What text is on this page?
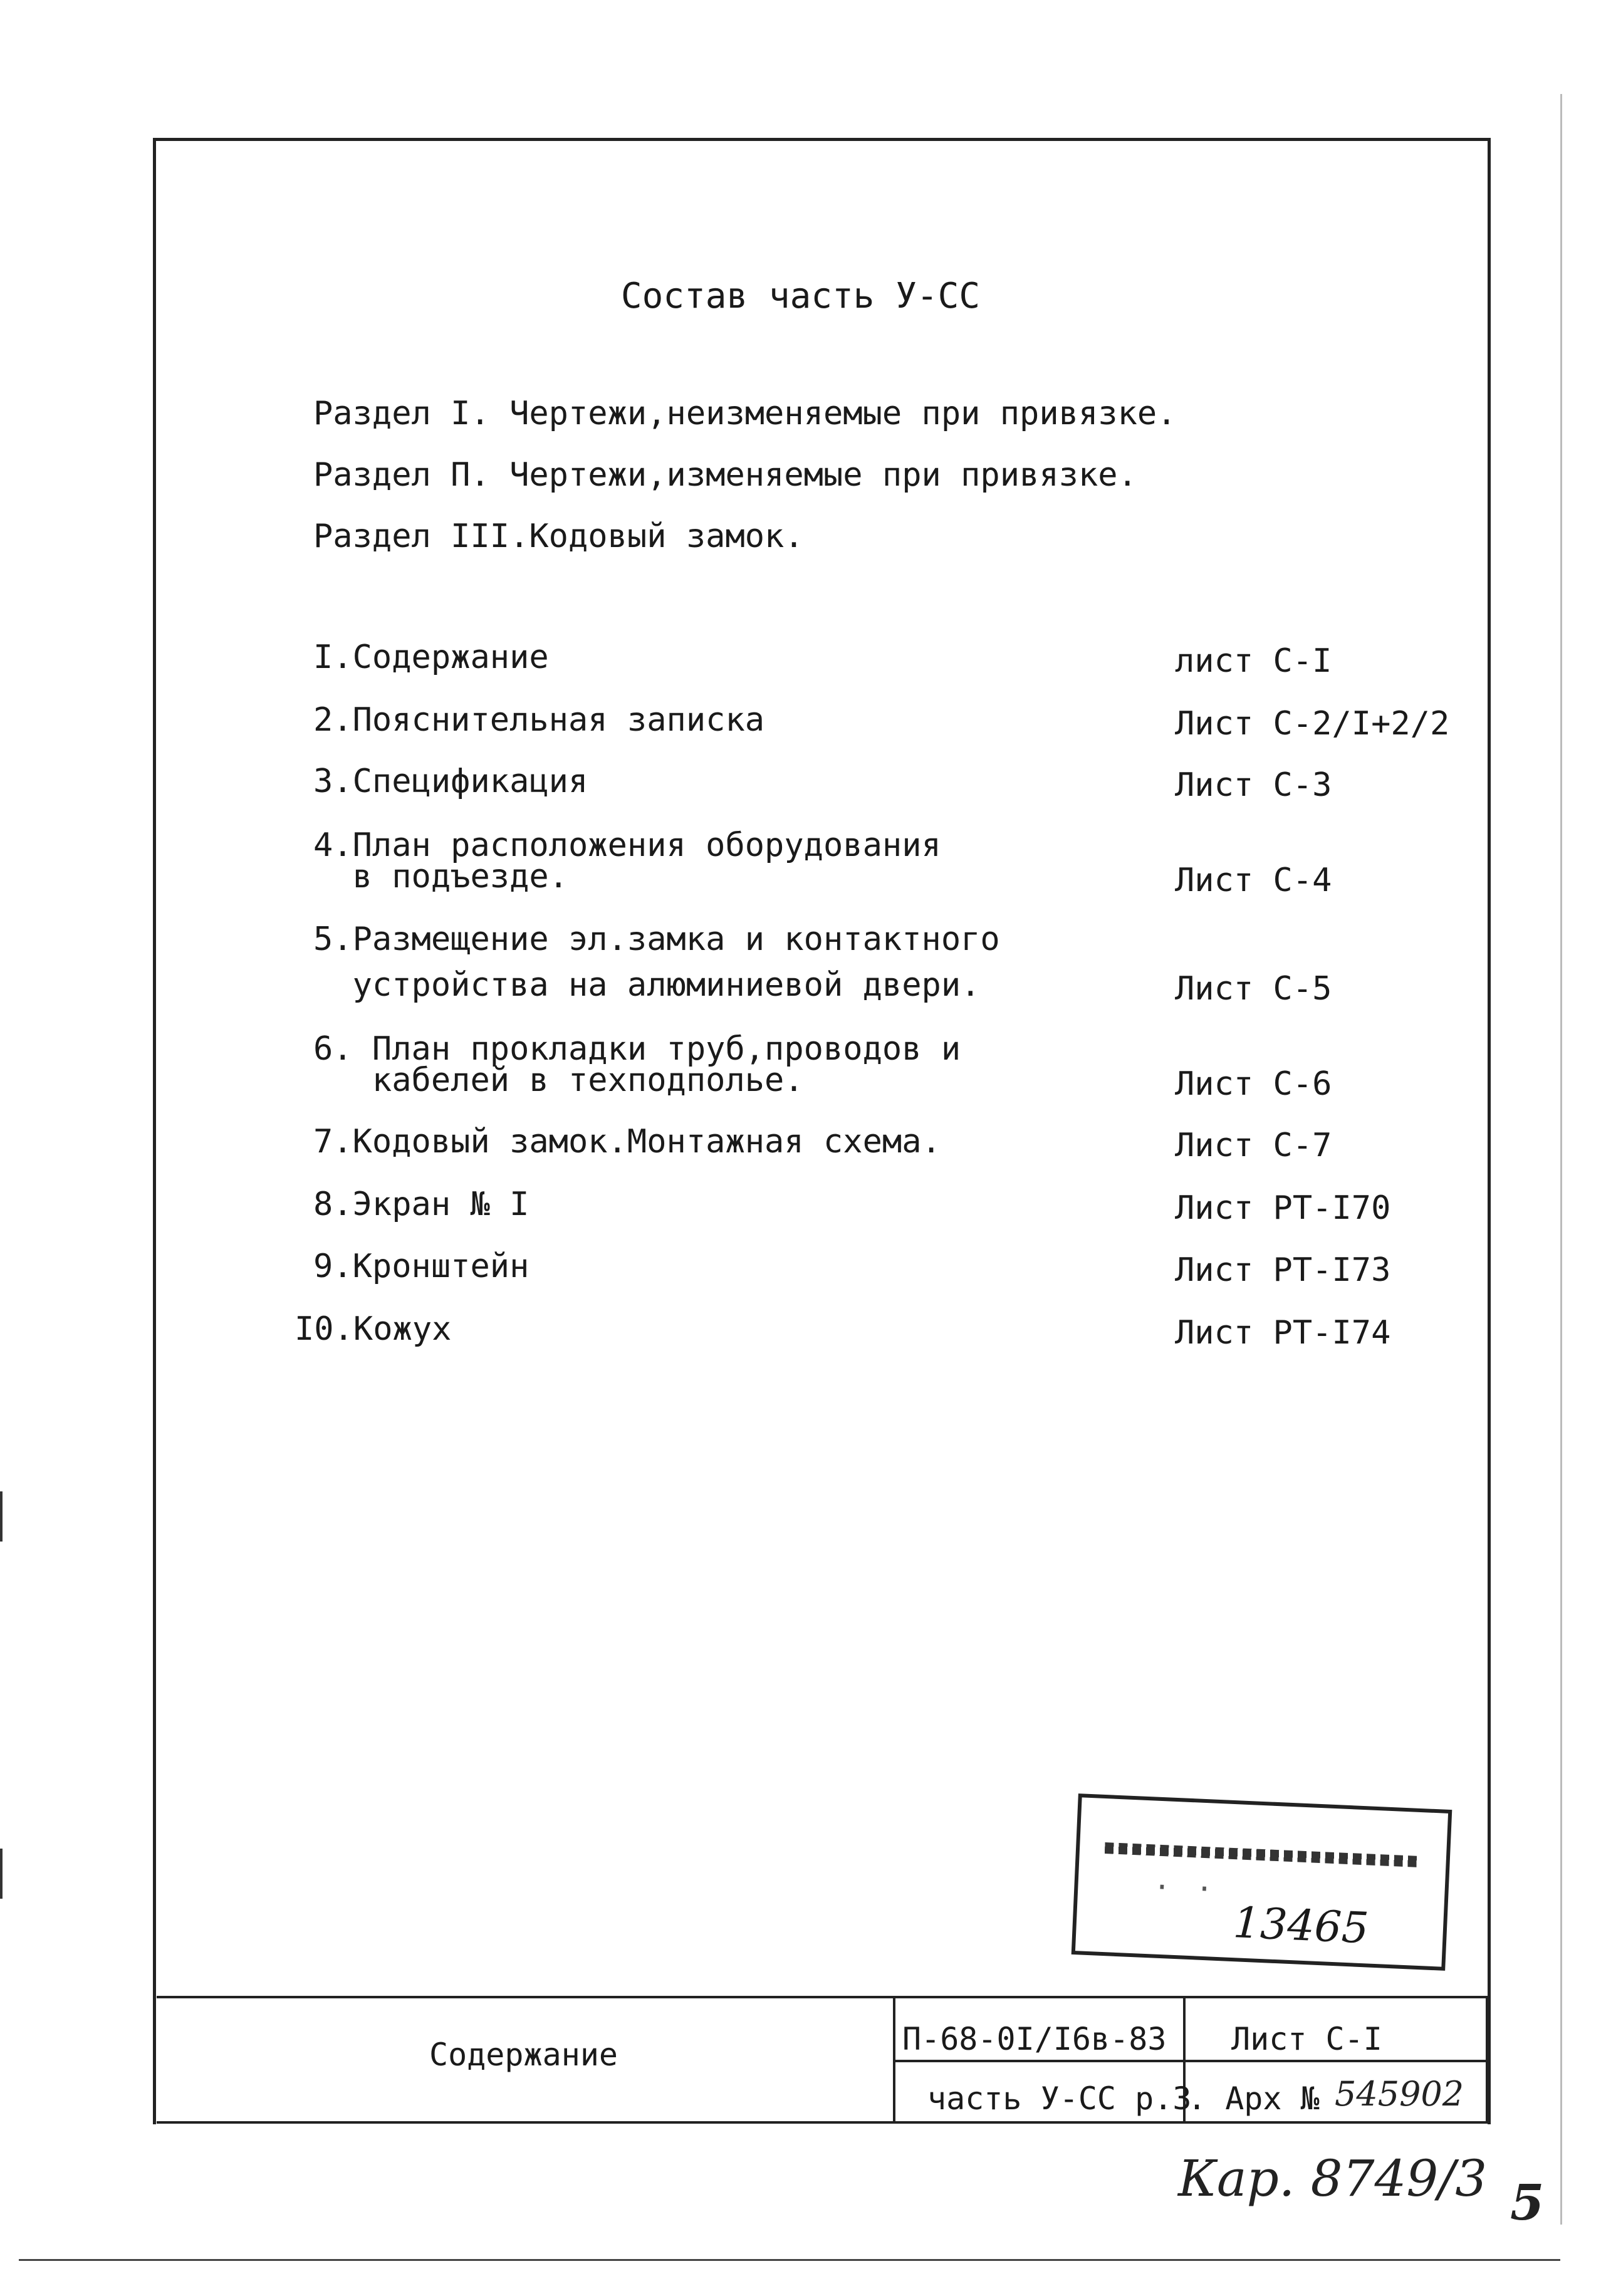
Состав часть У-СС
Раздел I. Чертежи,неизменяемые при привязке.
Раздел П. Чертежи,изменяемые при привязке.
Раздел III.Кодовый замок.
I.Содержание	лист С-I
2.Пояснительная записка	Лист С-2/I+2/2
3.Спецификация	Лист С-3
4.План расположения оборудования
в подъезде.	Лист С-4
5.Размещение эл.замка и контактного
устройства на алюминиевой двери.	Лист С-5
6. План прокладки труб,проводов и
кабелей в техподполье.	Лист С-6
7.Кодовый замок.Монтажная схема.	Лист С-7
8.Экран № I	Лист РТ-I70
9.Кронштейн	Лист РТ-I73
I0.Кожух	Лист РТ-I74
··
13465
Содержание	П-68-0I/I6в-83 Лист С-I
часть У-СС р.3
. Арх № 545902
Кар. 8749/3 5
